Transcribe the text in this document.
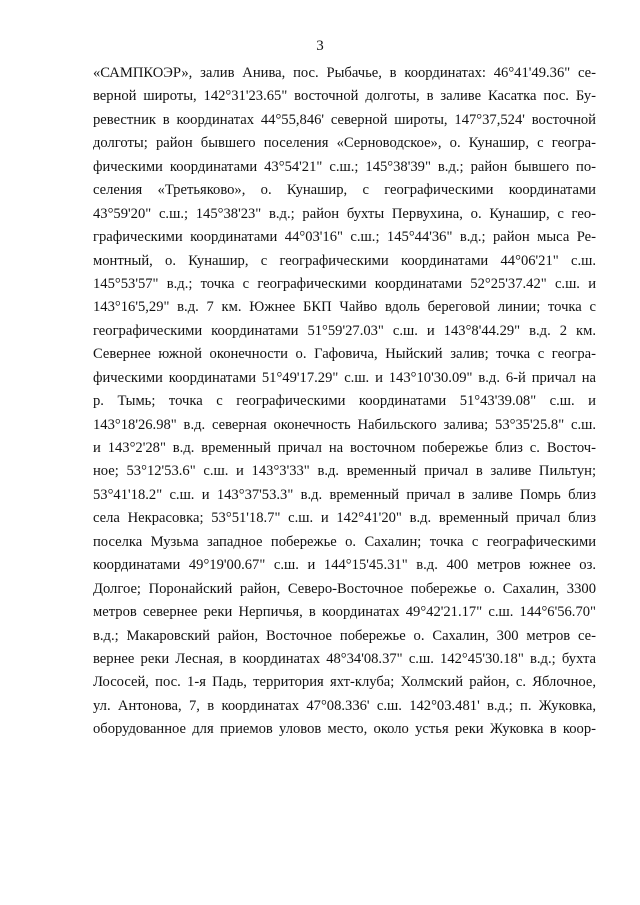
3
«САМПКОЭР», залив Анива, пос. Рыбачье, в координатах: 46°41'49.36" се-
верной широты, 142°31'23.65" восточной долготы, в заливе Касатка пос. Бу-
ревестник в координатах 44°55,846' северной широты, 147°37,524' восточной
долготы; район бывшего поселения «Серноводское», о. Кунашир, с геогра-
фическими координатами 43°54'21" с.ш.; 145°38'39" в.д.; район бывшего по-
селения «Третьяково», о. Кунашир, с географическими координатами
43°59'20" с.ш.; 145°38'23" в.д.; район бухты Первухина, о. Кунашир, с гео-
графическими координатами 44°03'16" с.ш.; 145°44'36" в.д.; район мыса Ре-
монтный, о. Кунашир, с географическими координатами 44°06'21" с.ш.
145°53'57" в.д.; точка с географическими координатами 52°25'37.42" с.ш. и
143°16'5,29" в.д. 7 км. Южнее БКП Чайво вдоль береговой линии; точка с
географическими координатами 51°59'27.03" с.ш. и 143°8'44.29" в.д. 2 км.
Севернее южной оконечности о. Гафовича, Ныйский залив; точка с геогра-
фическими координатами 51°49'17.29" с.ш. и 143°10'30.09" в.д. 6-й причал на
р. Тымь; точка с географическими координатами 51°43'39.08" с.ш. и
143°18'26.98" в.д. северная оконечность Набильского залива; 53°35'25.8" с.ш.
и 143°2'28" в.д. временный причал на восточном побережье близ с. Восточ-
ное; 53°12'53.6" с.ш. и 143°3'33" в.д. временный причал в заливе Пильтун;
53°41'18.2" с.ш. и 143°37'53.3" в.д. временный причал в заливе Помрь близ
села Некрасовка; 53°51'18.7" с.ш. и 142°41'20" в.д. временный причал близ
поселка Музьма западное побережье о. Сахалин; точка с географическими
координатами 49°19'00.67" с.ш. и 144°15'45.31" в.д. 400 метров южнее оз.
Долгое; Поронайский район, Северо-Восточное побережье о. Сахалин, 3300
метров севернее реки Нерпичья, в координатах 49°42'21.17" с.ш. 144°6'56.70"
в.д.; Макаровский район, Восточное побережье о. Сахалин, 300 метров се-
вернее реки Лесная, в координатах 48°34'08.37" с.ш. 142°45'30.18" в.д.; бухта
Лососей, пос. 1-я Падь, территория яхт-клуба; Холмский район, с. Яблочное,
ул. Антонова, 7, в координатах 47°08.336' с.ш. 142°03.481' в.д.; п. Жуковка,
оборудованное для приемов уловов место, около устья реки Жуковка в коор-
